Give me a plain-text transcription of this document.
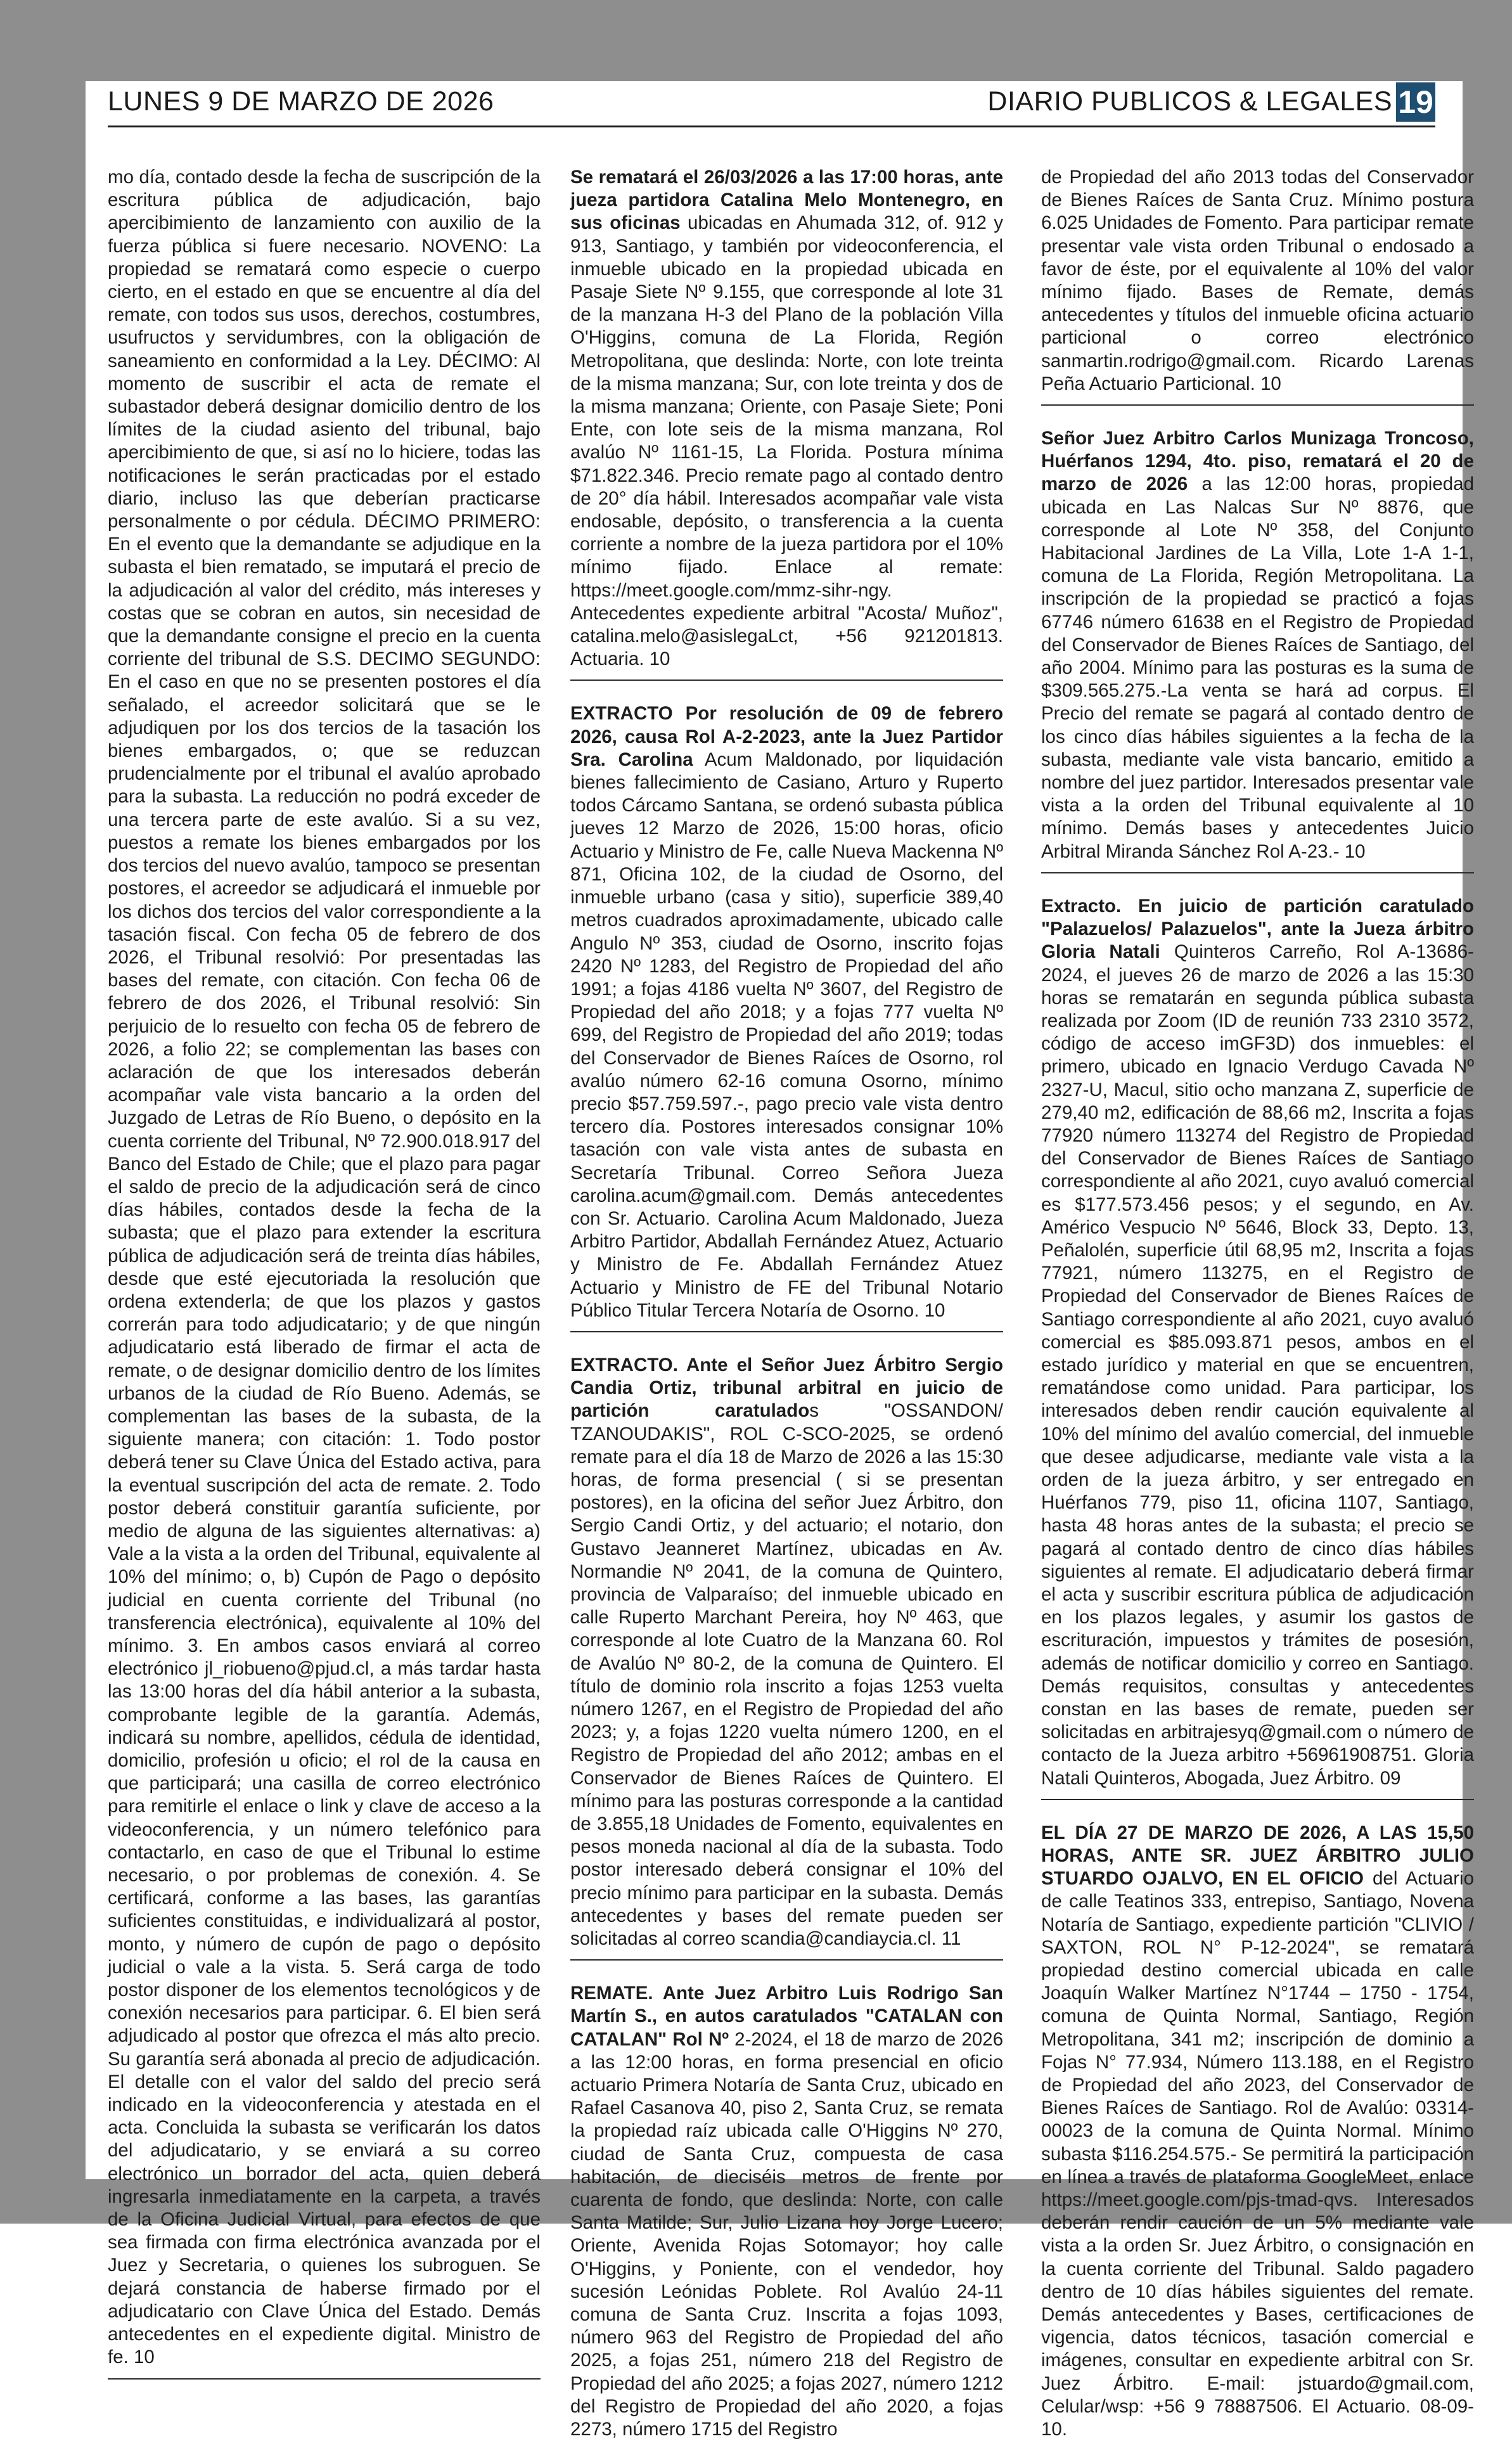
LUNES 9 DE MARZO DE 2026	DIARIO PUBLICOS & LEGALES 19

mo día, contado desde la fecha de suscripción de la escritura pública de adjudicación, bajo apercibimiento de lanzamiento con auxilio de la fuerza pública si fuere necesario. NOVENO: La propiedad se rematará como especie o cuerpo cierto, en el estado en que se encuentre al día del remate, con todos sus usos, derechos, costumbres, usufructos y servidumbres, con la obligación de saneamiento en conformidad a la Ley. DÉCIMO: Al momento de suscribir el acta de remate el subastador deberá designar domicilio dentro de los límites de la ciudad asiento del tribunal, bajo apercibimiento de que, si así no lo hiciere, todas las notificaciones le serán practicadas por el estado diario, incluso las que deberían practicarse personalmente o por cédula. DÉCIMO PRIMERO: En el evento que la demandante se adjudique en la subasta el bien rematado, se imputará el precio de la adjudicación al valor del crédito, más intereses y costas que se cobran en autos, sin necesidad de que la demandante consigne el precio en la cuenta corriente del tribunal de S.S. DECIMO SEGUNDO: En el caso en que no se presenten postores el día señalado, el acreedor solicitará que se le adjudiquen por los dos tercios de la tasación los bienes embargados, o; que se reduzcan prudencialmente por el tribunal el avalúo aprobado para la subasta. La reducción no podrá exceder de una tercera parte de este avalúo. Si a su vez, puestos a remate los bienes embargados por los dos tercios del nuevo avalúo, tampoco se presentan postores, el acreedor se adjudicará el inmueble por los dichos dos tercios del valor correspondiente a la tasación fiscal. Con fecha 05 de febrero de dos 2026, el Tribunal resolvió: Por presentadas las bases del remate, con citación. Con fecha 06 de febrero de dos 2026, el Tribunal resolvió: Sin perjuicio de lo resuelto con fecha 05 de febrero de 2026, a folio 22; se complementan las bases con aclaración de que los interesados deberán acompañar vale vista bancario a la orden del Juzgado de Letras de Río Bueno, o depósito en la cuenta corriente del Tribunal, Nº 72.900.018.917 del Banco del Estado de Chile; que el plazo para pagar el saldo de precio de la adjudicación será de cinco días hábiles, contados desde la fecha de la subasta; que el plazo para extender la escritura pública de adjudicación será de treinta días hábiles, desde que esté ejecutoriada la resolución que ordena extenderla; de que los plazos y gastos correrán para todo adjudicatario; y de que ningún adjudicatario está liberado de firmar el acta de remate, o de designar domicilio dentro de los límites urbanos de la ciudad de Río Bueno. Además, se complementan las bases de la subasta, de la siguiente manera; con citación: 1. Todo postor deberá tener su Clave Única del Estado activa, para la eventual suscripción del acta de remate. 2. Todo postor deberá constituir garantía suficiente, por medio de alguna de las siguientes alternativas: a) Vale a la vista a la orden del Tribunal, equivalente al 10% del mínimo; o, b) Cupón de Pago o depósito judicial en cuenta corriente del Tribunal (no transferencia electrónica), equivalente al 10% del mínimo. 3. En ambos casos enviará al correo electrónico jl_riobueno@pjud.cl, a más tardar hasta las 13:00 horas del día hábil anterior a la subasta, comprobante legible de la garantía. Además, indicará su nombre, apellidos, cédula de identidad, domicilio, profesión u oficio; el rol de la causa en que participará; una casilla de correo electrónico para remitirle el enlace o link y clave de acceso a la videoconferencia, y un número telefónico para contactarlo, en caso de que el Tribunal lo estime necesario, o por problemas de conexión. 4. Se certificará, conforme a las bases, las garantías suficientes constituidas, e individualizará al postor, monto, y número de cupón de pago o depósito judicial o vale a la vista. 5. Será carga de todo postor disponer de los elementos tecnológicos y de conexión necesarios para participar. 6. El bien será adjudicado al postor que ofrezca el más alto precio. Su garantía será abonada al precio de adjudicación. El detalle con el valor del saldo del precio será indicado en la videoconferencia y atestada en el acta. Concluida la subasta se verificarán los datos del adjudicatario, y se enviará a su correo electrónico un borrador del acta, quien deberá ingresarla inmediatamente en la carpeta, a través de la Oficina Judicial Virtual, para efectos de que sea firmada con firma electrónica avanzada por el Juez y Secretaria, o quienes los subroguen. Se dejará constancia de haberse firmado por el adjudicatario con Clave Única del Estado. Demás antecedentes en el expediente digital. Ministro de fe. 10

Se rematará el 26/03/2026 a las 17:00 horas, ante jueza partidora Catalina Melo Montenegro, en sus oficinas ubicadas en Ahumada 312, of. 912 y 913, Santiago, y también por videoconferencia, el inmueble ubicado en la propiedad ubicada en Pasaje Siete Nº 9.155, que corresponde al lote 31 de la manzana H-3 del Plano de la población Villa O'Higgins, comuna de La Florida, Región Metropolitana, que deslinda: Norte, con lote treinta de la misma manzana; Sur, con lote treinta y dos de la misma manzana; Oriente, con Pasaje Siete; Poni Ente, con lote seis de la misma manzana, Rol avalúo Nº 1161-15, La Florida. Postura mínima $71.822.346. Precio remate pago al contado dentro de 20° día hábil. Interesados acompañar vale vista endosable, depósito, o transferencia a la cuenta corriente a nombre de la jueza partidora por el 10% mínimo fijado. Enlace al remate: https://meet.google.com/mmz-sihr-ngy. Antecedentes expediente arbitral "Acosta/ Muñoz", catalina.melo@asislegaLct, +56 921201813. Actuaria. 10

EXTRACTO Por resolución de 09 de febrero 2026, causa Rol A-2-2023, ante la Juez Partidor Sra. Carolina Acum Maldonado, por liquidación bienes fallecimiento de Casiano, Arturo y Ruperto todos Cárcamo Santana, se ordenó subasta pública jueves 12 Marzo de 2026, 15:00 horas, oficio Actuario y Ministro de Fe, calle Nueva Mackenna Nº 871, Oficina 102, de la ciudad de Osorno, del inmueble urbano (casa y sitio), superficie 389,40 metros cuadrados aproximadamente, ubicado calle Angulo Nº 353, ciudad de Osorno, inscrito fojas 2420 Nº 1283, del Registro de Propiedad del año 1991; a fojas 4186 vuelta Nº 3607, del Registro de Propiedad del año 2018; y a fojas 777 vuelta Nº 699, del Registro de Propiedad del año 2019; todas del Conservador de Bienes Raíces de Osorno, rol avalúo número 62-16 comuna Osorno, mínimo precio $57.759.597.-, pago precio vale vista dentro tercero día. Postores interesados consignar 10% tasación con vale vista antes de subasta en Secretaría Tribunal. Correo Señora Jueza carolina.acum@gmail.com. Demás antecedentes con Sr. Actuario. Carolina Acum Maldonado, Jueza Arbitro Partidor, Abdallah Fernández Atuez, Actuario y Ministro de Fe. Abdallah Fernández Atuez Actuario y Ministro de FE del Tribunal Notario Público Titular Tercera Notaría de Osorno. 10

EXTRACTO. Ante el Señor Juez Árbitro Sergio Candia Ortiz, tribunal arbitral en juicio de partición caratulados "OSSANDON/ TZANOUDAKIS", ROL C-SCO-2025, se ordenó remate para el día 18 de Marzo de 2026 a las 15:30 horas, de forma presencial ( si se presentan postores), en la oficina del señor Juez Árbitro, don Sergio Candi Ortiz, y del actuario; el notario, don Gustavo Jeanneret Martínez, ubicadas en Av. Normandie Nº 2041, de la comuna de Quintero, provincia de Valparaíso; del inmueble ubicado en calle Ruperto Marchant Pereira, hoy Nº 463, que corresponde al lote Cuatro de la Manzana 60. Rol de Avalúo Nº 80-2, de la comuna de Quintero. El título de dominio rola inscrito a fojas 1253 vuelta número 1267, en el Registro de Propiedad del año 2023; y, a fojas 1220 vuelta número 1200, en el Registro de Propiedad del año 2012; ambas en el Conservador de Bienes Raíces de Quintero. El mínimo para las posturas corresponde a la cantidad de 3.855,18 Unidades de Fomento, equivalentes en pesos moneda nacional al día de la subasta. Todo postor interesado deberá consignar el 10% del precio mínimo para participar en la subasta. Demás antecedentes y bases del remate pueden ser solicitadas al correo scandia@candiaycia.cl. 11

REMATE. Ante Juez Arbitro Luis Rodrigo San Martín S., en autos caratulados "CATALAN con CATALAN" Rol Nº 2-2024, el 18 de marzo de 2026 a las 12:00 horas, en forma presencial en oficio actuario Primera Notaría de Santa Cruz, ubicado en Rafael Casanova 40, piso 2, Santa Cruz, se remata la propiedad raíz ubicada calle O'Higgins Nº 270, ciudad de Santa Cruz, compuesta de casa habitación, de dieciséis metros de frente por cuarenta de fondo, que deslinda: Norte, con calle Santa Matilde; Sur, Julio Lizana hoy Jorge Lucero; Oriente, Avenida Rojas Sotomayor; hoy calle O'Higgins, y Poniente, con el vendedor, hoy sucesión Leónidas Poblete. Rol Avalúo 24-11 comuna de Santa Cruz. Inscrita a fojas 1093, número 963 del Registro de Propiedad del año 2025, a fojas 251, número 218 del Registro de Propiedad del año 2025; a fojas 2027, número 1212 del Registro de Propiedad del año 2020, a fojas 2273, número 1715 del Registro

de Propiedad del año 2013 todas del Conservador de Bienes Raíces de Santa Cruz. Mínimo postura 6.025 Unidades de Fomento. Para participar remate presentar vale vista orden Tribunal o endosado a favor de éste, por el equivalente al 10% del valor mínimo fijado. Bases de Remate, demás antecedentes y títulos del inmueble oficina actuario particional o correo electrónico sanmartin.rodrigo@gmail.com. Ricardo Larenas Peña Actuario Particional. 10

Señor Juez Arbitro Carlos Munizaga Troncoso, Huérfanos 1294, 4to. piso, rematará el 20 de marzo de 2026 a las 12:00 horas, propiedad ubicada en Las Nalcas Sur Nº 8876, que corresponde al Lote Nº 358, del Conjunto Habitacional Jardines de La Villa, Lote 1-A 1-1, comuna de La Florida, Región Metropolitana. La inscripción de la propiedad se practicó a fojas 67746 número 61638 en el Registro de Propiedad del Conservador de Bienes Raíces de Santiago, del año 2004. Mínimo para las posturas es la suma de $309.565.275.-La venta se hará ad corpus. El Precio del remate se pagará al contado dentro de los cinco días hábiles siguientes a la fecha de la subasta, mediante vale vista bancario, emitido a nombre del juez partidor. Interesados presentar vale vista a la orden del Tribunal equivalente al 10 mínimo. Demás bases y antecedentes Juicio Arbitral Miranda Sánchez Rol A-23.- 10

Extracto. En juicio de partición caratulado "Palazuelos/ Palazuelos", ante la Jueza árbitro Gloria Natali Quinteros Carreño, Rol A-13686-2024, el jueves 26 de marzo de 2026 a las 15:30 horas se rematarán en segunda pública subasta realizada por Zoom (ID de reunión 733 2310 3572, código de acceso imGF3D) dos inmuebles: el primero, ubicado en Ignacio Verdugo Cavada Nº 2327-U, Macul, sitio ocho manzana Z, superficie de 279,40 m2, edificación de 88,66 m2, Inscrita a fojas 77920 número 113274 del Registro de Propiedad del Conservador de Bienes Raíces de Santiago correspondiente al año 2021, cuyo avaluó comercial es $177.573.456 pesos; y el segundo, en Av. Américo Vespucio Nº 5646, Block 33, Depto. 13, Peñalolén, superficie útil 68,95 m2, Inscrita a fojas 77921, número 113275, en el Registro de Propiedad del Conservador de Bienes Raíces de Santiago correspondiente al año 2021, cuyo avaluó comercial es $85.093.871 pesos, ambos en el estado jurídico y material en que se encuentren, rematándose como unidad. Para participar, los interesados deben rendir caución equivalente al 10% del mínimo del avalúo comercial, del inmueble que desee adjudicarse, mediante vale vista a la orden de la jueza árbitro, y ser entregado en Huérfanos 779, piso 11, oficina 1107, Santiago, hasta 48 horas antes de la subasta; el precio se pagará al contado dentro de cinco días hábiles siguientes al remate. El adjudicatario deberá firmar el acta y suscribir escritura pública de adjudicación en los plazos legales, y asumir los gastos de escrituración, impuestos y trámites de posesión, además de notificar domicilio y correo en Santiago. Demás requisitos, consultas y antecedentes constan en las bases de remate, pueden ser solicitadas en arbitrajesyq@gmail.com o número de contacto de la Jueza arbitro +56961908751. Gloria Natali Quinteros, Abogada, Juez Árbitro. 09

EL DÍA 27 DE MARZO DE 2026, A LAS 15,50 HORAS, ANTE SR. JUEZ ÁRBITRO JULIO STUARDO OJALVO, EN EL OFICIO del Actuario de calle Teatinos 333, entrepiso, Santiago, Novena Notaría de Santiago, expediente partición "CLIVIO / SAXTON, ROL N° P-12-2024", se rematará propiedad destino comercial ubicada en calle Joaquín Walker Martínez N°1744 – 1750 - 1754, comuna de Quinta Normal, Santiago, Región Metropolitana, 341 m2; inscripción de dominio a Fojas N° 77.934, Número 113.188, en el Registro de Propiedad del año 2023, del Conservador de Bienes Raíces de Santiago. Rol de Avalúo: 03314-00023 de la comuna de Quinta Normal. Mínimo subasta $116.254.575.- Se permitirá la participación en línea a través de plataforma GoogleMeet, enlace https://meet.google.com/pjs-tmad-qvs. Interesados deberán rendir caución de un 5% mediante vale vista a la orden Sr. Juez Árbitro, o consignación en la cuenta corriente del Tribunal. Saldo pagadero dentro de 10 días hábiles siguientes del remate. Demás antecedentes y Bases, certificaciones de vigencia, datos técnicos, tasación comercial e imágenes, consultar en expediente arbitral con Sr. Juez Árbitro. E-mail: jstuardo@gmail.com, Celular/wsp: +56 9 78887506. El Actuario. 08-09-10.
